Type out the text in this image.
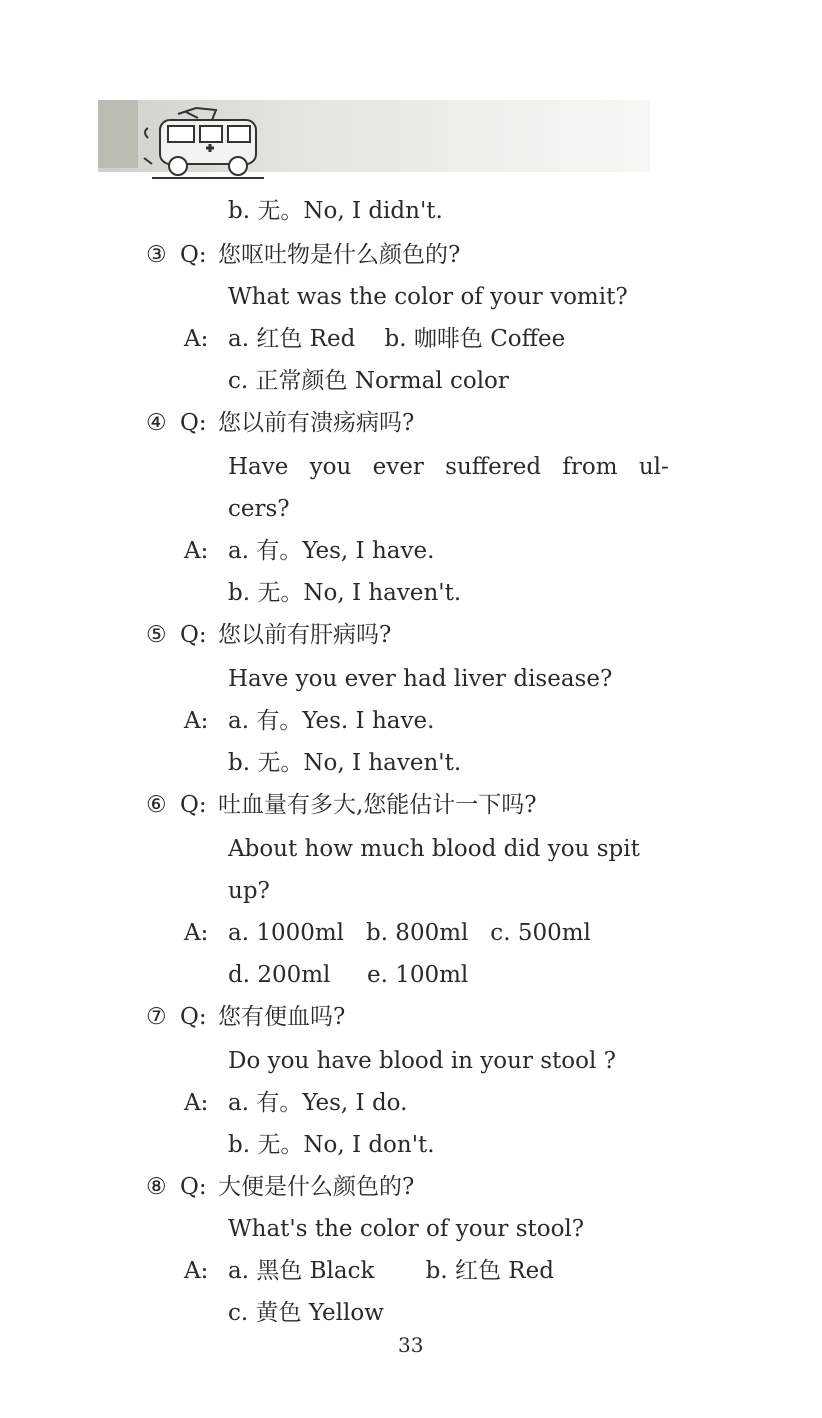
b. 无。No, I didn't.
③ Q: 您呕吐物是什么颜色的?
What was the color of your vomit?
A: a. 红色 Red    b. 咖啡色 Coffee
c. 正常颜色 Normal color
④ Q: 您以前有溃疡病吗?
Have you ever suffered from ul-
cers?
A: a. 有。Yes, I have.
b. 无。No, I haven't.
⑤ Q: 您以前有肝病吗?
Have you ever had liver disease?
A: a. 有。Yes. I have.
b. 无。No, I haven't.
⑥ Q: 吐血量有多大,您能估计一下吗?
About how much blood did you spit
up?
A: a. 1000ml   b. 800ml   c. 500ml
d. 200ml     e. 100ml
⑦ Q: 您有便血吗?
Do you have blood in your stool ?
A: a. 有。Yes, I do.
b. 无。No, I don't.
⑧ Q: 大便是什么颜色的?
What's the color of your stool?
A: a. 黑色 Black       b. 红色 Red
c. 黄色 Yellow
33
